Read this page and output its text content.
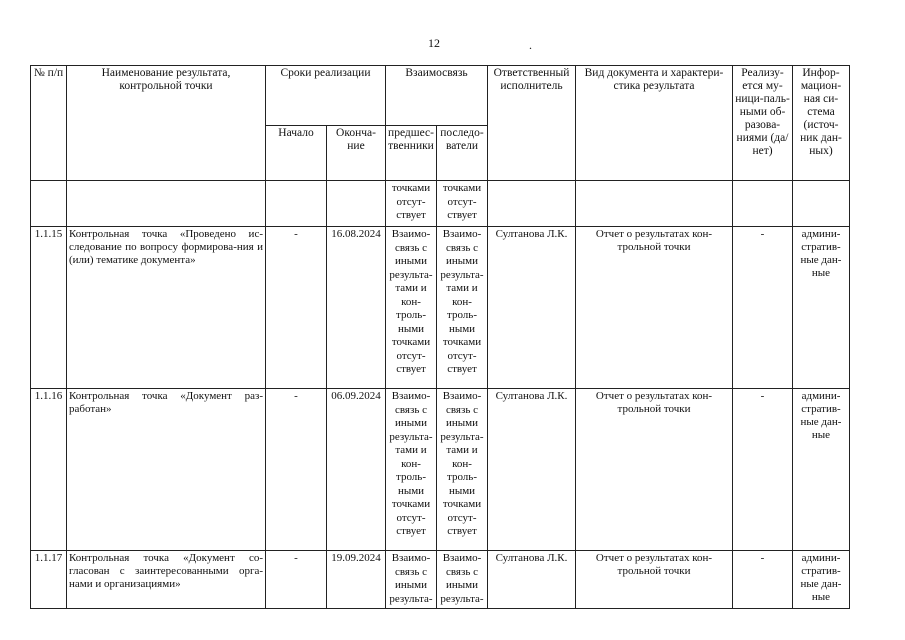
12	.
№ п/п	Наименование результата, контрольной точки	Сроки реализации		Взаимосвязь		Ответственный исполнитель	Вид документа и характери-стика результата	Реализу-ется му-ници-паль-ными об-разова-ниями (да/нет)	Инфор-мацион-ная си-стема (источ-ник дан-ных)
		Начало	Оконча-ние	предшес-твенники	последо-ватели				
				точками отсут-ствует	точками отсут-ствует				
1.1.15	Контрольная точка «Проведено ис-следование по вопросу формирова-ния и (или) тематике документа»	-	16.08.2024	Взаимо-связь с иными результа-тами и кон-троль-ными точками отсут-ствует	Взаимо-связь с иными результа-тами и кон-троль-ными точками отсут-ствует	Султанова Л.К.	Отчет о результатах кон-трольной точки	-	админи-стратив-ные дан-ные
1.1.16	Контрольная точка «Документ раз-работан»	-	06.09.2024	Взаимо-связь с иными результа-тами и кон-троль-ными точками отсут-ствует	Взаимо-связь с иными результа-тами и кон-троль-ными точками отсут-ствует	Султанова Л.К.	Отчет о результатах кон-трольной точки	-	админи-стратив-ные дан-ные
1.1.17	Контрольная точка «Документ со-гласован с заинтересованными орга-нами и организациями»	-	19.09.2024	Взаимо-связь с иными результа-	Взаимо-связь с иными результа-	Султанова Л.К.	Отчет о результатах кон-трольной точки	-	админи-стратив-ные дан-ные
